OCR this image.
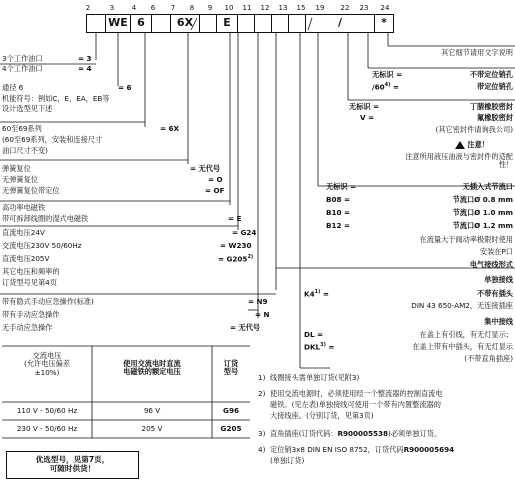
2	3	4	6	7	8	9	10	11	12	13	15	19	22	23	24
WE 6	6X	E	/	*
3个工作油口	= 3
4个工作油口	= 4
通径 6	= 6
机能符号：例如C，E，EA，EB等
设计选型见下述
60至69系列	= 6X
(60至69系列，安装和连接尺寸
油口尺寸不变)
弹簧复位	= 无代号
无弹簧复位	= O
无弹簧复位带定位	= OF
高功率电磁铁
带可拆卸线圈的湿式电磁铁	= E
直流电压24V	= G24
交流电压230V 50/60Hz	= W230
直流电压205V	= $G205^{2)}$
其它电压和频率的
订货型号见第4页
带有隐式手动应急操作(标准)	= N9
带有手动应急操作	= N
无手动应急操作	= 无代号
其它细节请用文字说明
无标识 =	不带定位销孔
$/60^{4)}$ =	带定位销孔
无标识 =	丁腈橡胶密封
V =	氟橡胶密封
(其它密封件请询我公司)
注意！
注意所用液压油液与密封件的适配性！
无标识 =	无插入式节流口
B08 =	节流口Ø 0.8 mm
B10 =	节流口Ø 1.0 mm
B12 =	节流口Ø 1.2 mm
在流量大于阀动率极限时使用
安装在P口
电气接线形式
单独接线
$K4^{1)}$ =	不带有插头
DIN 43 650-AM2，无连接插座
集中接线
DL =	在盖上有引线，有无灯显示；
$DKL^{3)}$ =	在盖上带有中插头，有无灯显示
(不带直角插座)
交流电压
(允许电压偏差
±10%)
使用交流电时直流
电磁铁的额定电压
订货
型号
110 V - 50/60 Hz	96 V	G96
230 V - 50/60 Hz	205 V	G205
1) 线圈接头需单独订货(见附3)
2) 使用交流电源时，必须使用经一个整流器的控制直流电
磁铁。(见左表)单独接线可使用一个带有内置整流器的
大接线座。(分别订货，见第3页)
3) 直角插座(订货代码：R900005538)必须单独订货。
4) 定位销3x8 DIN EN ISO 8752，订货代码R900005694
(单独订货)
优选型号，见第7页，
可随时供货！
